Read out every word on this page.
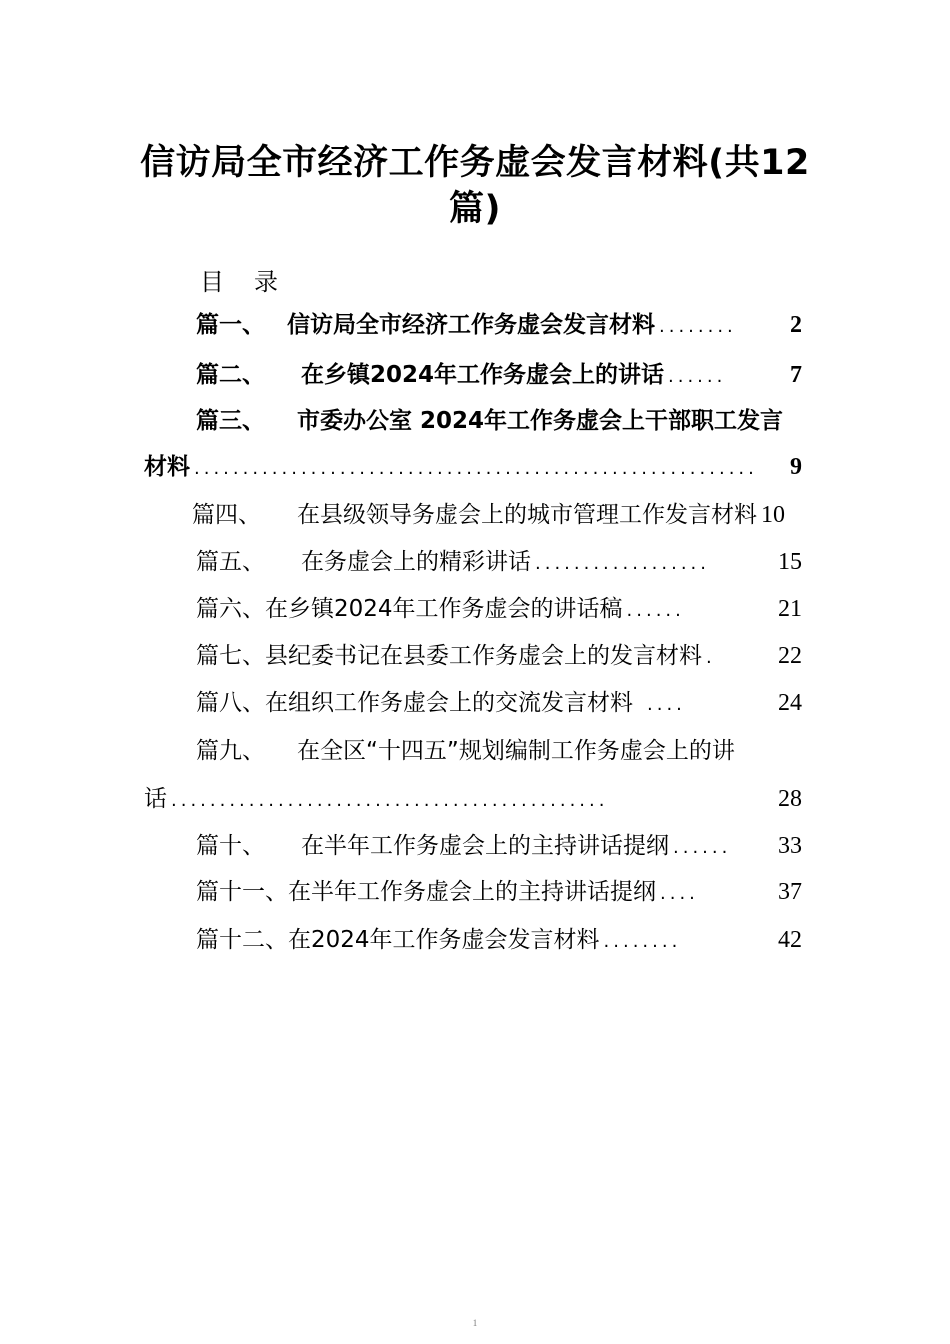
信访局全市经济工作务虚会发言材料(共12
篇)
目 录
篇一、 信访局全市经济工作务虚会发言材料 ........	2
篇二、 在乡镇2024年工作务虚会上的讲话 ......	7
篇三、 市委办公室 2024年工作务虚会上干部职工发言
材料 ..........................................................	9
篇四、 在县级领导务虚会上的城市管理工作发言材料 10
篇五、 在务虚会上的精彩讲话 ..................	15
篇六、 在乡镇2024年工作务虚会的讲话稿 ......	21
篇七、 县纪委书记在县委工作务虚会上的发言材料 .	22
篇八、 在组织工作务虚会上的交流发言材料 ....	24
篇九、 在全区“十四五”规划编制工作务虚会上的讲
话 .............................................	28
篇十、 在半年工作务虚会上的主持讲话提纲 ......	33
篇十一、 在半年工作务虚会上的主持讲话提纲 ....	37
篇十二、 在2024年工作务虚会发言材料 ........	42
1
